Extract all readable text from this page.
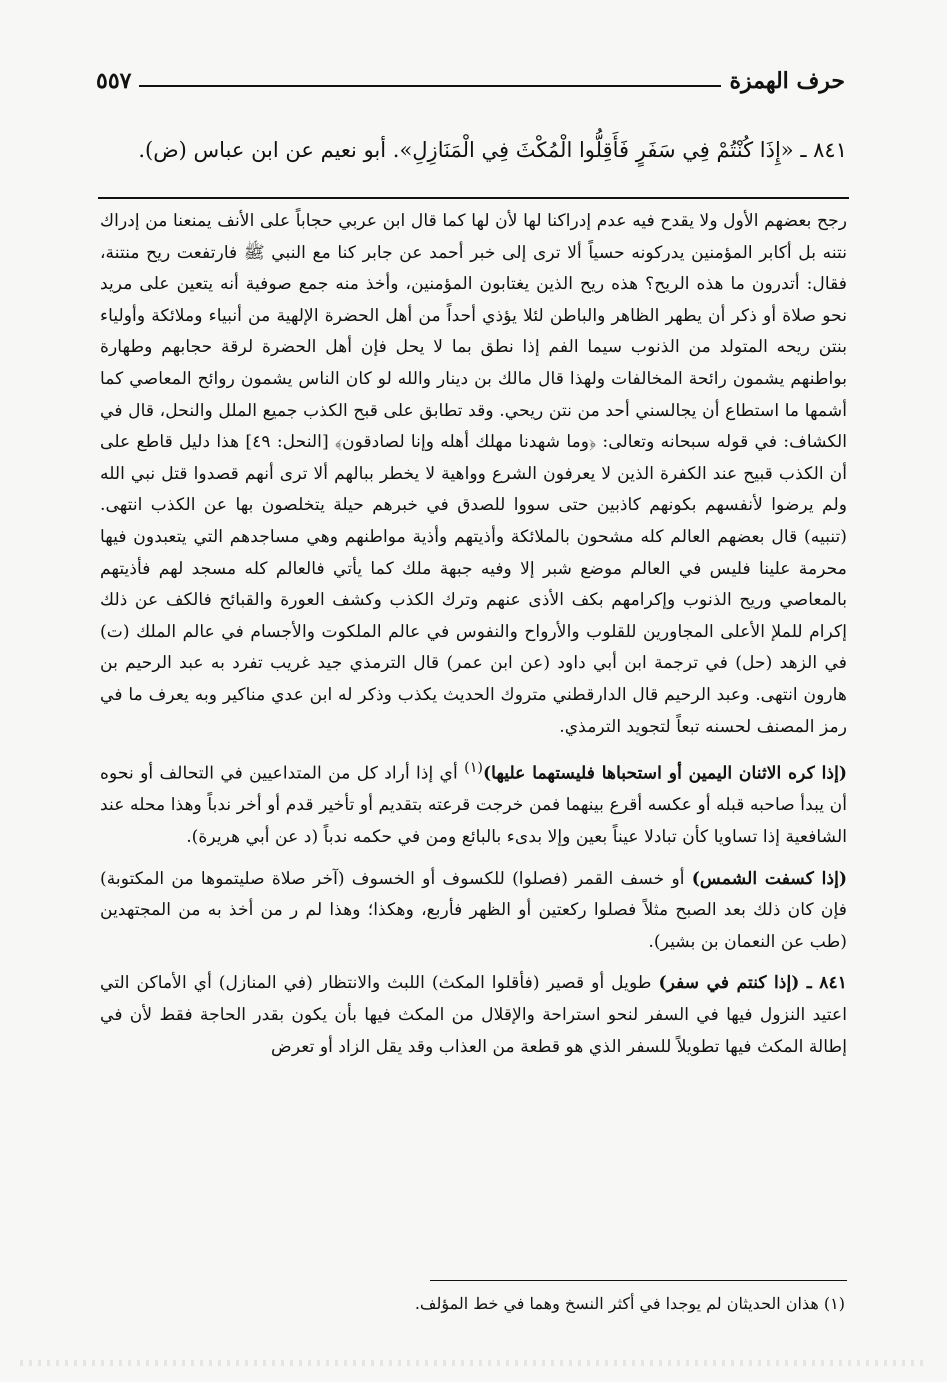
حرف الهمزة
٥٥٧
٨٤١ ـ «إِذَا كُنْتُمْ فِي سَفَرٍ فَأَقِلُّوا الْمُكْثَ فِي الْمَنَازِلِ». أبو نعيم عن ابن عباس (ض).

رجح بعضهم الأول ولا يقدح فيه عدم إدراكنا لها لأن لها كما قال ابن عربي حجاباً على الأنف يمنعنا من إدراك نتنه بل أكابر المؤمنين يدركونه حسياً ألا ترى إلى خبر أحمد عن جابر كنا مع النبي ﷺ فارتفعت ريح منتنة، فقال: أتدرون ما هذه الريح؟ هذه ريح الذين يغتابون المؤمنين، وأخذ منه جمع صوفية أنه يتعين على مريد نحو صلاة أو ذكر أن يطهر الظاهر والباطن لئلا يؤذي أحداً من أهل الحضرة الإلهية من أنبياء وملائكة وأولياء بنتن ريحه المتولد من الذنوب سيما الفم إذا نطق بما لا يحل فإن أهل الحضرة لرقة حجابهم وطهارة بواطنهم يشمون رائحة المخالفات ولهذا قال مالك بن دينار والله لو كان الناس يشمون روائح المعاصي كما أشمها ما استطاع أن يجالسني أحد من نتن ريحي. وقد تطابق على قبح الكذب جميع الملل والنحل، قال في الكشاف: في قوله سبحانه وتعالى: ﴿وما شهدنا مهلك أهله وإنا لصادقون﴾ [النحل: ٤٩] هذا دليل قاطع على أن الكذب قبيح عند الكفرة الذين لا يعرفون الشرع وواهية لا يخطر ببالهم ألا ترى أنهم قصدوا قتل نبي الله ولم يرضوا لأنفسهم بكونهم كاذبين حتى سووا للصدق في خبرهم حيلة يتخلصون بها عن الكذب انتهى. (تنبيه) قال بعضهم العالم كله مشحون بالملائكة وأذيتهم وأذية مواطنهم وهي مساجدهم التي يتعبدون فيها محرمة علينا فليس في العالم موضع شبر إلا وفيه جبهة ملك كما يأتي فالعالم كله مسجد لهم فأذيتهم بالمعاصي وريح الذنوب وإكرامهم بكف الأذى عنهم وترك الكذب وكشف العورة والقبائح فالكف عن ذلك إكرام للملإ الأعلى المجاورين للقلوب والأرواح والنفوس في عالم الملكوت والأجسام في عالم الملك (ت) في الزهد (حل) في ترجمة ابن أبي داود (عن ابن عمر) قال الترمذي جيد غريب تفرد به عبد الرحيم بن هارون انتهى. وعبد الرحيم قال الدارقطني متروك الحديث يكذب وذكر له ابن عدي مناكير وبه يعرف ما في رمز المصنف لحسنه تبعاً لتجويد الترمذي.

(إذا كره الاثنان اليمين أو استحباها فليستهما عليها)$^{(١)}$ أي إذا أراد كل من المتداعيين في التحالف أو نحوه أن يبدأ صاحبه قبله أو عكسه أقرع بينهما فمن خرجت قرعته بتقديم أو تأخير قدم أو أخر ندباً وهذا محله عند الشافعية إذا تساويا كأن تبادلا عيناً بعين وإلا بدىء بالبائع ومن في حكمه ندباً (د عن أبي هريرة).

(إذا كسفت الشمس) أو خسف القمر (فصلوا) للكسوف أو الخسوف (آخر صلاة صليتموها من المكتوبة) فإن كان ذلك بعد الصبح مثلاً فصلوا ركعتين أو الظهر فأربع، وهكذا؛ وهذا لم ر من أخذ به من المجتهدين (طب عن النعمان بن بشير).

٨٤١ ـ (إذا كنتم في سفر) طويل أو قصير (فأقلوا المكث) اللبث والانتظار (في المنازل) أي الأماكن التي اعتيد النزول فيها في السفر لنحو استراحة والإقلال من المكث فيها بأن يكون بقدر الحاجة فقط لأن في إطالة المكث فيها تطويلاً للسفر الذي هو قطعة من العذاب وقد يقل الزاد أو تعرض

(١) هذان الحديثان لم يوجدا في أكثر النسخ وهما في خط المؤلف.
